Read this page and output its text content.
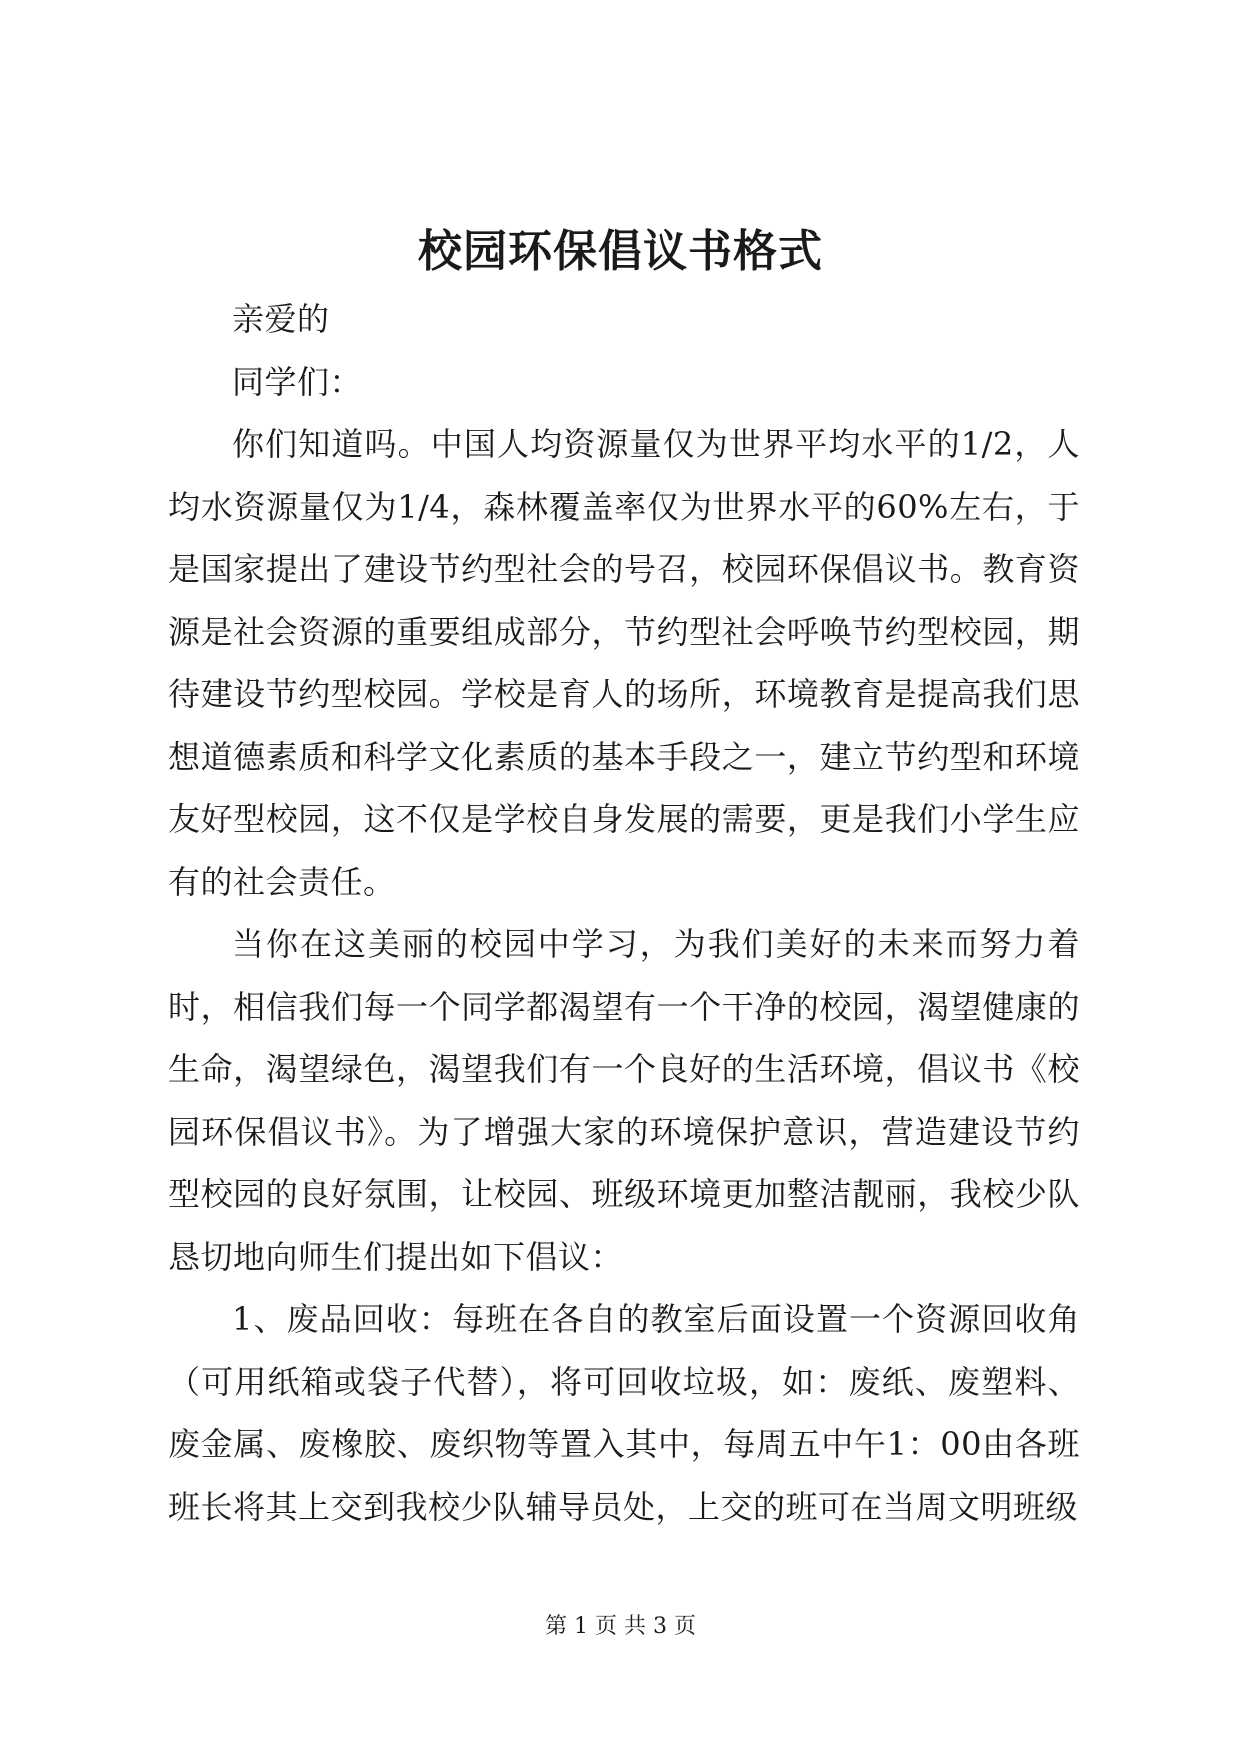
校园环保倡议书格式

亲爱的

同学们：

你们知道吗。中国人均资源量仅为世界平均水平的1/2，人均水资源量仅为1/4，森林覆盖率仅为世界水平的60%左右，于是国家提出了建设节约型社会的号召，校园环保倡议书。教育资源是社会资源的重要组成部分，节约型社会呼唤节约型校园，期待建设节约型校园。学校是育人的场所，环境教育是提高我们思想道德素质和科学文化素质的基本手段之一，建立节约型和环境友好型校园，这不仅是学校自身发展的需要，更是我们小学生应有的社会责任。

当你在这美丽的校园中学习，为我们美好的未来而努力着时，相信我们每一个同学都渴望有一个干净的校园，渴望健康的生命，渴望绿色，渴望我们有一个良好的生活环境，倡议书《校园环保倡议书》。为了增强大家的环境保护意识，营造建设节约型校园的良好氛围，让校园、班级环境更加整洁靓丽，我校少队恳切地向师生们提出如下倡议：

1、废品回收：每班在各自的教室后面设置一个资源回收角（可用纸箱或袋子代替），将可回收垃圾，如：废纸、废塑料、废金属、废橡胶、废织物等置入其中，每周五中午1：00由各班班长将其上交到我校少队辅导员处，上交的班可在当周文明班级

第 1 页 共 3 页
